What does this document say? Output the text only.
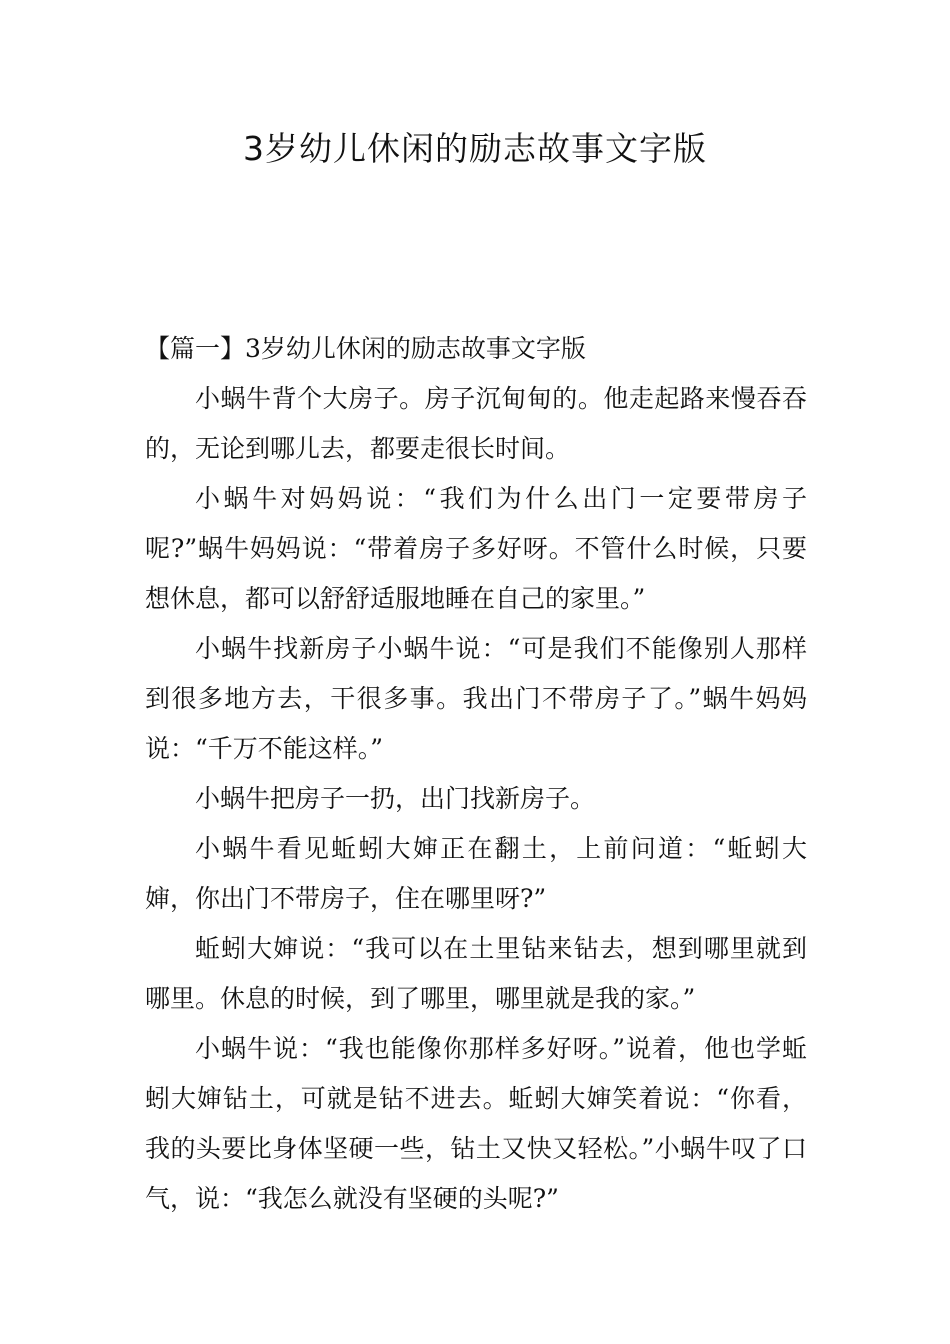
3岁幼儿休闲的励志故事文字版

【篇一】3岁幼儿休闲的励志故事文字版

小蜗牛背个大房子。房子沉甸甸的。他走起路来慢吞吞的，无论到哪儿去，都要走很长时间。

小蜗牛对妈妈说：“我们为什么出门一定要带房子呢?”蜗牛妈妈说：“带着房子多好呀。不管什么时候，只要想休息，都可以舒舒适服地睡在自己的家里。”

小蜗牛找新房子小蜗牛说：“可是我们不能像别人那样到很多地方去，干很多事。我出门不带房子了。”蜗牛妈妈说：“千万不能这样。”

小蜗牛把房子一扔，出门找新房子。

小蜗牛看见蚯蚓大婶正在翻土，上前问道：“蚯蚓大婶，你出门不带房子，住在哪里呀?”

蚯蚓大婶说：“我可以在土里钻来钻去，想到哪里就到哪里。休息的时候，到了哪里，哪里就是我的家。”

小蜗牛说：“我也能像你那样多好呀。”说着，他也学蚯蚓大婶钻土，可就是钻不进去。蚯蚓大婶笑着说：“你看，我的头要比身体坚硬一些，钻土又快又轻松。”小蜗牛叹了口气，说：“我怎么就没有坚硬的头呢?”
